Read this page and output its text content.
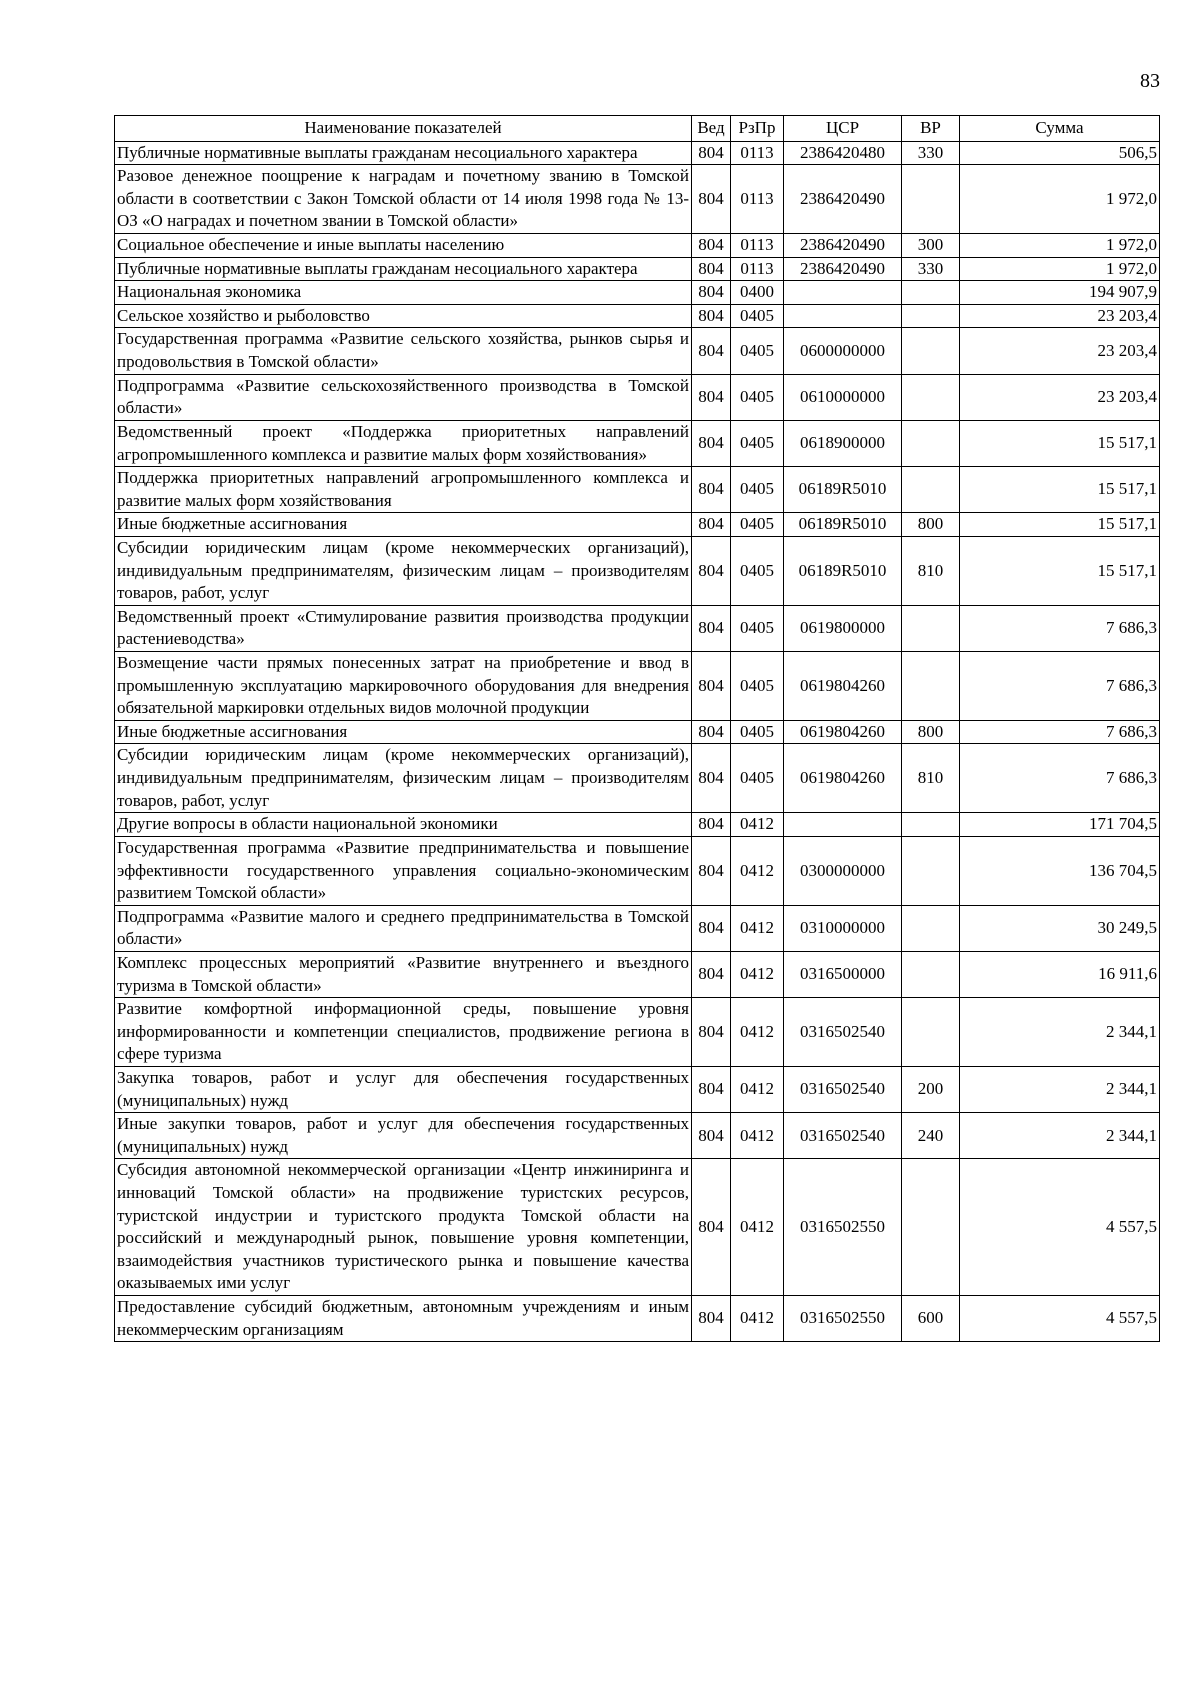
83
Наименование показателей	Вед	РзПр	ЦСР	ВР	Сумма
Публичные нормативные выплаты гражданам несоциального характера	804	0113	2386420480	330	506,5
Разовое денежное поощрение к наградам и почетному званию в Томской области в соответствии с Закон Томской области от 14 июля 1998 года № 13-ОЗ «О наградах и почетном звании в Томской области»	804	0113	2386420490		1 972,0
Социальное обеспечение и иные выплаты населению	804	0113	2386420490	300	1 972,0
Публичные нормативные выплаты гражданам несоциального характера	804	0113	2386420490	330	1 972,0
Национальная экономика	804	0400			194 907,9
Сельское хозяйство и рыболовство	804	0405			23 203,4
Государственная программа «Развитие сельского хозяйства, рынков сырья и продовольствия в Томской области»	804	0405	0600000000		23 203,4
Подпрограмма «Развитие сельскохозяйственного производства в Томской области»	804	0405	0610000000		23 203,4
Ведомственный проект «Поддержка приоритетных направлений агропромышленного комплекса и развитие малых форм хозяйствования»	804	0405	0618900000		15 517,1
Поддержка приоритетных направлений агропромышленного комплекса и развитие малых форм хозяйствования	804	0405	06189R5010		15 517,1
Иные бюджетные ассигнования	804	0405	06189R5010	800	15 517,1
Субсидии юридическим лицам (кроме некоммерческих организаций), индивидуальным предпринимателям, физическим лицам – производителям товаров, работ, услуг	804	0405	06189R5010	810	15 517,1
Ведомственный проект «Стимулирование развития производства продукции растениеводства»	804	0405	0619800000		7 686,3
Возмещение части прямых понесенных затрат на приобретение и ввод в промышленную эксплуатацию маркировочного оборудования для внедрения обязательной маркировки отдельных видов молочной продукции	804	0405	0619804260		7 686,3
Иные бюджетные ассигнования	804	0405	0619804260	800	7 686,3
Субсидии юридическим лицам (кроме некоммерческих организаций), индивидуальным предпринимателям, физическим лицам – производителям товаров, работ, услуг	804	0405	0619804260	810	7 686,3
Другие вопросы в области национальной экономики	804	0412			171 704,5
Государственная программа «Развитие предпринимательства и повышение эффективности государственного управления социально-экономическим развитием Томской области»	804	0412	0300000000		136 704,5
Подпрограмма «Развитие малого и среднего предпринимательства в Томской области»	804	0412	0310000000		30 249,5
Комплекс процессных мероприятий «Развитие внутреннего и въездного туризма в Томской области»	804	0412	0316500000		16 911,6
Развитие комфортной информационной среды, повышение уровня информированности и компетенции специалистов, продвижение региона в сфере туризма	804	0412	0316502540		2 344,1
Закупка товаров, работ и услуг для обеспечения государственных (муниципальных) нужд	804	0412	0316502540	200	2 344,1
Иные закупки товаров, работ и услуг для обеспечения государственных (муниципальных) нужд	804	0412	0316502540	240	2 344,1
Субсидия автономной некоммерческой организации «Центр инжиниринга и инноваций Томской области» на продвижение туристских ресурсов, туристской индустрии и туристского продукта Томской области на российский и международный рынок, повышение уровня компетенции, взаимодействия участников туристического рынка и повышение качества оказываемых ими услуг	804	0412	0316502550		4 557,5
Предоставление субсидий бюджетным, автономным учреждениям и иным некоммерческим организациям	804	0412	0316502550	600	4 557,5
